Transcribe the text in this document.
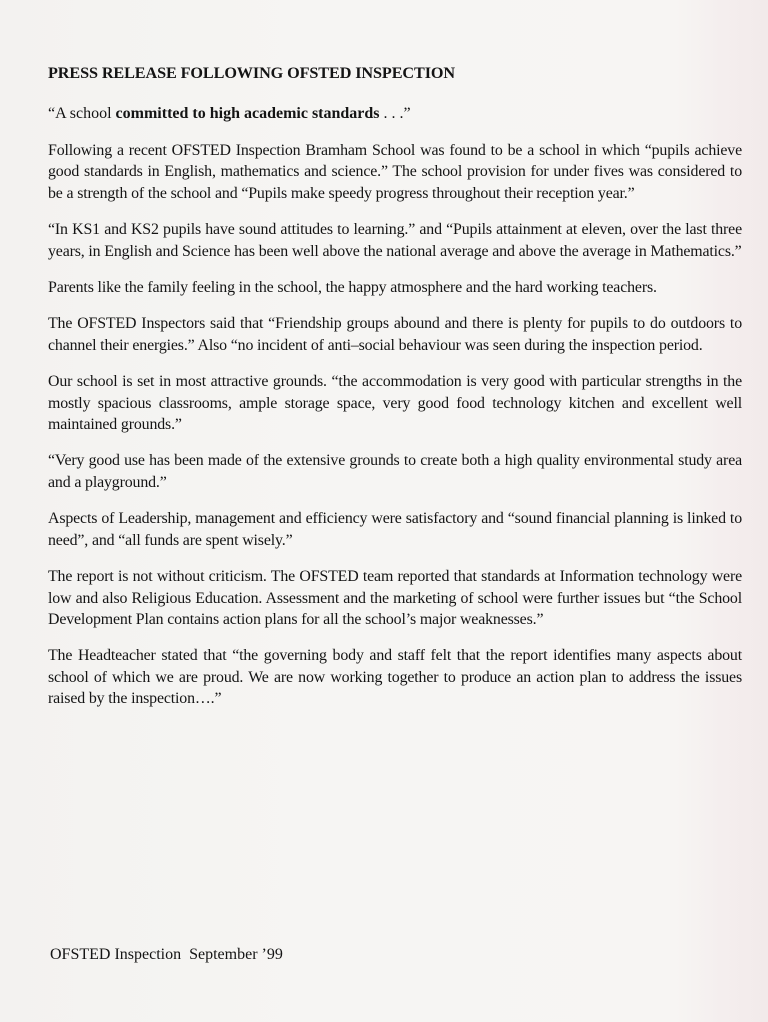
PRESS RELEASE FOLLOWING OFSTED INSPECTION

“A school committed to high academic standards . . .”

Following a recent OFSTED Inspection Bramham School was found to be a school in which “pupils achieve good standards in English, mathematics and science.” The school provision for under fives was considered to be a strength of the school and “Pupils make speedy progress throughout their reception year.”

“In KS1 and KS2 pupils have sound attitudes to learning.” and “Pupils attainment at eleven, over the last three years, in English and Science has been well above the national average and above the average in Mathematics.”

Parents like the family feeling in the school, the happy atmosphere and the hard working teachers.

The OFSTED Inspectors said that “Friendship groups abound and there is plenty for pupils to do outdoors to channel their energies.” Also “no incident of anti–social behaviour was seen during the inspection period.

Our school is set in most attractive grounds. “the accommodation is very good with particular strengths in the mostly spacious classrooms, ample storage space, very good food technology kitchen and excellent well maintained grounds.”

“Very good use has been made of the extensive grounds to create both a high quality environmental study area and a playground.”

Aspects of Leadership, management and efficiency were satisfactory and “sound financial planning is linked to need”, and “all funds are spent wisely.”

The report is not without criticism. The OFSTED team reported that standards at Information technology were low and also Religious Education. Assessment and the marketing of school were further issues but “the School Development Plan contains action plans for all the school’s major weaknesses.”

The Headteacher stated that “the governing body and staff felt that the report identifies many aspects about school of which we are proud. We are now working together to produce an action plan to address the issues raised by the inspection….”

OFSTED Inspection  September ’99
